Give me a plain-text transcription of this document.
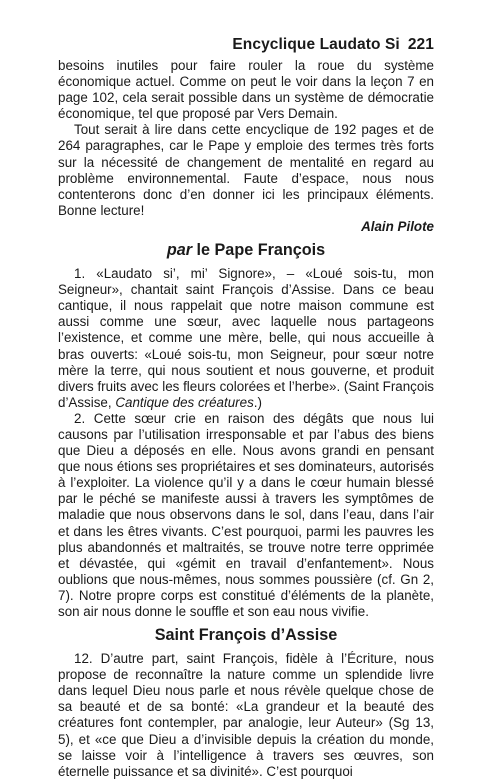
Encyclique Laudato Si 221

besoins inutiles pour faire rouler la roue du système économique actuel. Comme on peut le voir dans la leçon 7 en page 102, cela serait possible dans un système de démocratie économique, tel que proposé par Vers Demain.

Tout serait à lire dans cette encyclique de 192 pages et de 264 paragraphes, car le Pape y emploie des termes très forts sur la nécessité de changement de mentalité en regard au problème environnemental. Faute d’espace, nous nous contenterons donc d’en donner ici les principaux éléments. Bonne lecture!

Alain Pilote
par le Pape François

1. «Laudato si’, mi’ Signore», – «Loué sois-tu, mon Seigneur», chantait saint François d’Assise. Dans ce beau cantique, il nous rappelait que notre maison commune est aussi comme une sœur, avec laquelle nous partageons l’existence, et comme une mère, belle, qui nous accueille à bras ouverts: «Loué sois-tu, mon Seigneur, pour sœur notre mère la terre, qui nous soutient et nous gouverne, et produit divers fruits avec les fleurs colorées et l’herbe». (Saint François d’Assise, Cantique des créatures.)

2. Cette sœur crie en raison des dégâts que nous lui causons par l’utilisation irresponsable et par l’abus des biens que Dieu a déposés en elle. Nous avons grandi en pensant que nous étions ses propriétaires et ses dominateurs, autorisés à l’exploiter. La violence qu’il y a dans le cœur humain blessé par le péché se manifeste aussi à travers les symptômes de maladie que nous observons dans le sol, dans l’eau, dans l’air et dans les êtres vivants. C’est pourquoi, parmi les pauvres les plus abandonnés et maltraités, se trouve notre terre opprimée et dévastée, qui «gémit en travail d’enfantement». Nous oublions que nous-mêmes, nous sommes poussière (cf. Gn 2, 7). Notre propre corps est constitué d’éléments de la planète, son air nous donne le souffle et son eau nous vivifie.

Saint François d’Assise

12. D’autre part, saint François, fidèle à l’Écriture, nous propose de reconnaître la nature comme un splendide livre dans lequel Dieu nous parle et nous révèle quelque chose de sa beauté et de sa bonté: «La grandeur et la beauté des créatures font contempler, par analogie, leur Auteur» (Sg 13, 5), et «ce que Dieu a d’invisible depuis la création du monde, se laisse voir à l’intelligence à travers ses œuvres, son éternelle puissance et sa divinité». C’est pourquoi
